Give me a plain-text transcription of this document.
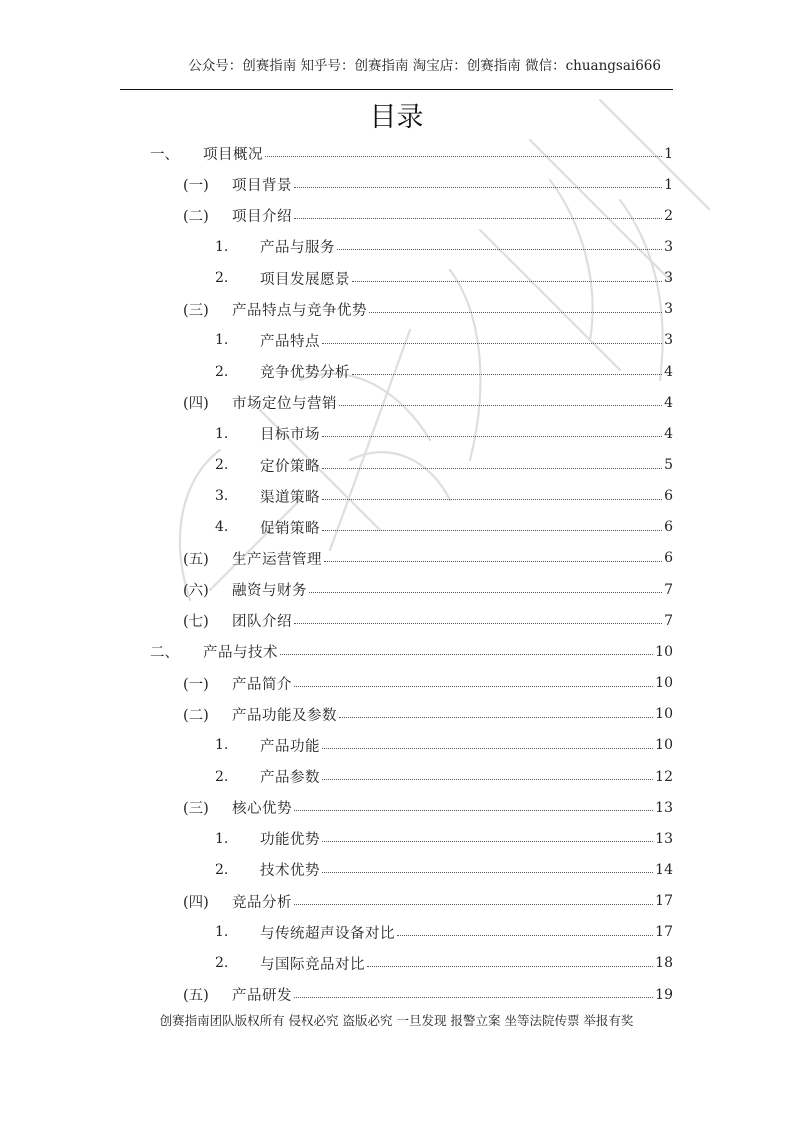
公众号：创赛指南 知乎号：创赛指南 淘宝店：创赛指南 微信：chuangsai666
目录
一、	项目概况	1
(一)	项目背景	1
(二)	项目介绍	2
1.	产品与服务	3
2.	项目发展愿景	3
(三)	产品特点与竞争优势	3
1.	产品特点	3
2.	竞争优势分析	4
(四)	市场定位与营销	4
1.	目标市场	4
2.	定价策略	5
3.	渠道策略	6
4.	促销策略	6
(五)	生产运营管理	6
(六)	融资与财务	7
(七)	团队介绍	7
二、	产品与技术	10
(一)	产品简介	10
(二)	产品功能及参数	10
1.	产品功能	10
2.	产品参数	12
(三)	核心优势	13
1.	功能优势	13
2.	技术优势	14
(四)	竞品分析	17
1.	与传统超声设备对比	17
2.	与国际竞品对比	18
(五)	产品研发	19
创赛指南团队版权所有 侵权必究 盗版必究 一旦发现 报警立案 坐等法院传票 举报有奖
